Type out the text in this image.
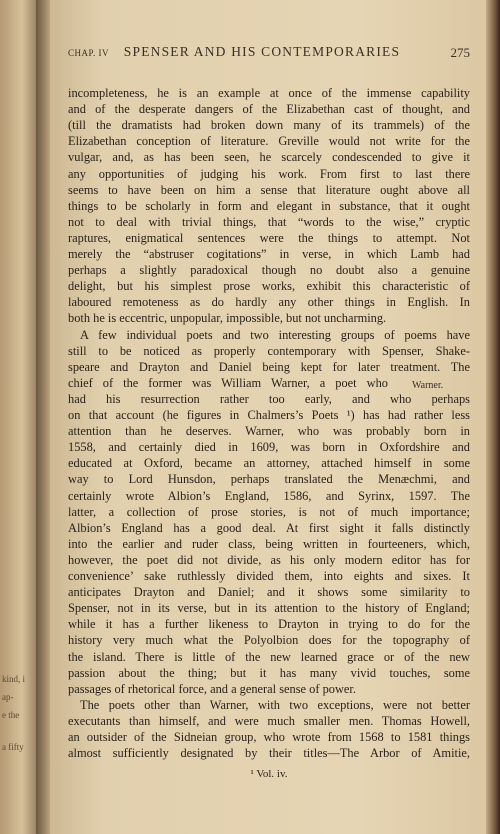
kind, i
ap-
e the
a fifty
CHAP. IV	SPENSER AND HIS CONTEMPORARIES	275
incompleteness, he is an example at once of the immense capability
and of the desperate dangers of the Elizabethan cast of thought, and
(till the dramatists had broken down many of its trammels) of the
Elizabethan conception of literature. Greville would not write for the
vulgar, and, as has been seen, he scarcely condescended to give it
any opportunities of judging his work. From first to last there
seems to have been on him a sense that literature ought above all
things to be scholarly in form and elegant in substance, that it ought
not to deal with trivial things, that “words to the wise,” cryptic
raptures, enigmatical sentences were the things to attempt. Not
merely the “abstruser cogitations” in verse, in which Lamb had
perhaps a slightly paradoxical though no doubt also a genuine
delight, but his simplest prose works, exhibit this characteristic of
laboured remoteness as do hardly any other things in English. In
both he is eccentric, unpopular, impossible, but not uncharming.
A few individual poets and two interesting groups of poems have
still to be noticed as properly contemporary with Spenser, Shake-
speare and Drayton and Daniel being kept for later treatment. The
chief of the former was William Warner, a poet who
had his resurrection rather too early, and who perhaps
on that account (he figures in Chalmers’s Poets ¹) has had rather less
attention than he deserves. Warner, who was probably born in
1558, and certainly died in 1609, was born in Oxfordshire and
educated at Oxford, became an attorney, attached himself in some
way to Lord Hunsdon, perhaps translated the Menæchmi, and
certainly wrote Albion’s England, 1586, and Syrinx, 1597. The
latter, a collection of prose stories, is not of much importance;
Albion’s England has a good deal. At first sight it falls distinctly
into the earlier and ruder class, being written in fourteeners, which,
however, the poet did not divide, as his only modern editor has for
convenience’ sake ruthlessly divided them, into eights and sixes. It
anticipates Drayton and Daniel; and it shows some similarity to
Spenser, not in its verse, but in its attention to the history of England;
while it has a further likeness to Drayton in trying to do for the
history very much what the Polyolbion does for the topography of
the island. There is little of the new learned grace or of the new
passion about the thing; but it has many vivid touches, some
passages of rhetorical force, and a general sense of power.
The poets other than Warner, with two exceptions, were not better
executants than himself, and were much smaller men. Thomas Howell,
an outsider of the Sidneian group, who wrote from 1568 to 1581 things
almost sufficiently designated by their titles—The Arbor of Amitie,
Warner.
¹ Vol. iv.
